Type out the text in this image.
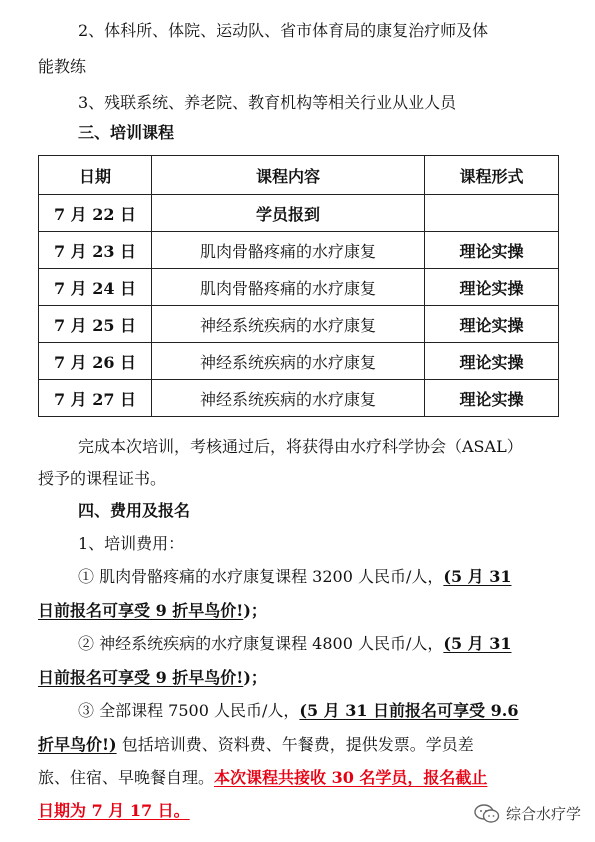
2、体科所、体院、运动队、省市体育局的康复治疗师及体
能教练
3、残联系统、养老院、教育机构等相关行业从业人员
三、培训课程
日期	课程内容	课程形式
7 月 22 日	学员报到	
7 月 23 日	肌肉骨骼疼痛的水疗康复	理论实操
7 月 24 日	肌肉骨骼疼痛的水疗康复	理论实操
7 月 25 日	神经系统疾病的水疗康复	理论实操
7 月 26 日	神经系统疾病的水疗康复	理论实操
7 月 27 日	神经系统疾病的水疗康复	理论实操
完成本次培训，考核通过后，将获得由水疗科学协会（ASAL）
授予的课程证书。
四、费用及报名
1、培训费用：
① 肌肉骨骼疼痛的水疗康复课程 3200 人民币/人，(5 月 31
日前报名可享受 9 折早鸟价!)；
② 神经系统疾病的水疗康复课程 4800 人民币/人，(5 月 31
日前报名可享受 9 折早鸟价!)；
③ 全部课程 7500 人民币/人，(5 月 31 日前报名可享受 9.6
折早鸟价!) 包括培训费、资料费、午餐费，提供发票。学员差
旅、住宿、早晚餐自理。本次课程共接收 30 名学员，报名截止
日期为 7 月 17 日。	综合水疗学
